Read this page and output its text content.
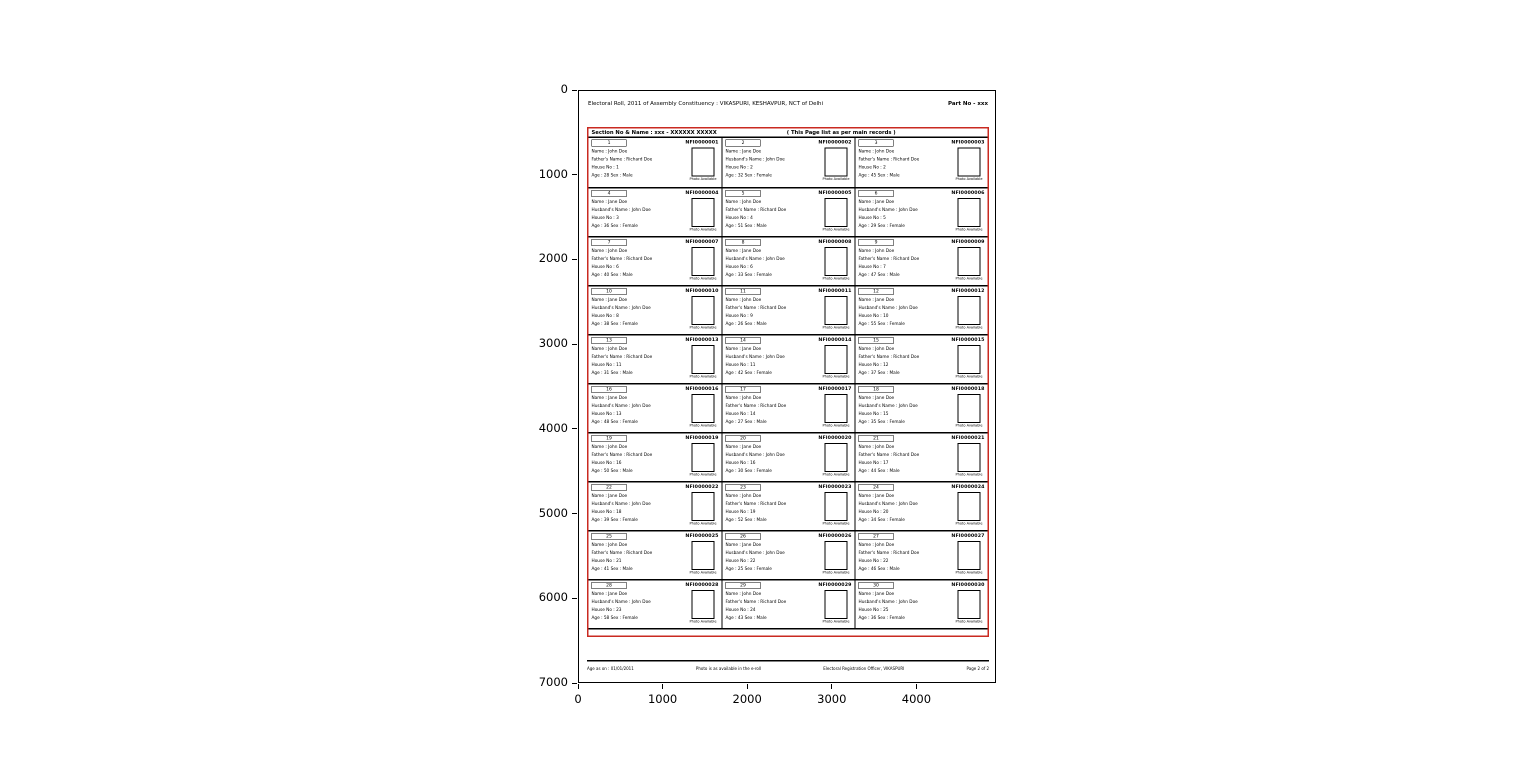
Electoral Roll, 2011 of Assembly Constituency : VIKASPURI, KESHAVPUR, NCT of Delhi	Part No - xxx
Section No & Name : xxx - XXXXXX XXXXX	( This Page list as per main records )
1	NFI0000001
Name : John Doe
Father's Name : Richard Doe
House No : 1
Age : 28 Sex : Male
Photo Available
2	NFI0000002
Name : Jane Doe
Husband's Name : John Doe
House No : 2
Age : 32 Sex : Female
Photo Available
3	NFI0000003
Name : John Doe
Father's Name : Richard Doe
House No : 2
Age : 45 Sex : Male
Photo Available
4	NFI0000004
Name : Jane Doe
Husband's Name : John Doe
House No : 3
Age : 36 Sex : Female
Photo Available
5	NFI0000005
Name : John Doe
Father's Name : Richard Doe
House No : 4
Age : 51 Sex : Male
Photo Available
6	NFI0000006
Name : Jane Doe
Husband's Name : John Doe
House No : 5
Age : 29 Sex : Female
Photo Available
7	NFI0000007
Name : John Doe
Father's Name : Richard Doe
House No : 6
Age : 40 Sex : Male
Photo Available
8	NFI0000008
Name : Jane Doe
Husband's Name : John Doe
House No : 6
Age : 33 Sex : Female
Photo Available
9	NFI0000009
Name : John Doe
Father's Name : Richard Doe
House No : 7
Age : 47 Sex : Male
Photo Available
10	NFI0000010
Name : Jane Doe
Husband's Name : John Doe
House No : 8
Age : 38 Sex : Female
Photo Available
11	NFI0000011
Name : John Doe
Father's Name : Richard Doe
House No : 9
Age : 26 Sex : Male
Photo Available
12	NFI0000012
Name : Jane Doe
Husband's Name : John Doe
House No : 10
Age : 55 Sex : Female
Photo Available
13	NFI0000013
Name : John Doe
Father's Name : Richard Doe
House No : 11
Age : 31 Sex : Male
Photo Available
14	NFI0000014
Name : Jane Doe
Husband's Name : John Doe
House No : 11
Age : 42 Sex : Female
Photo Available
15	NFI0000015
Name : John Doe
Father's Name : Richard Doe
House No : 12
Age : 37 Sex : Male
Photo Available
16	NFI0000016
Name : Jane Doe
Husband's Name : John Doe
House No : 13
Age : 48 Sex : Female
Photo Available
17	NFI0000017
Name : John Doe
Father's Name : Richard Doe
House No : 14
Age : 27 Sex : Male
Photo Available
18	NFI0000018
Name : Jane Doe
Husband's Name : John Doe
House No : 15
Age : 35 Sex : Female
Photo Available
19	NFI0000019
Name : John Doe
Father's Name : Richard Doe
House No : 16
Age : 50 Sex : Male
Photo Available
20	NFI0000020
Name : Jane Doe
Husband's Name : John Doe
House No : 16
Age : 30 Sex : Female
Photo Available
21	NFI0000021
Name : John Doe
Father's Name : Richard Doe
House No : 17
Age : 44 Sex : Male
Photo Available
22	NFI0000022
Name : Jane Doe
Husband's Name : John Doe
House No : 18
Age : 39 Sex : Female
Photo Available
23	NFI0000023
Name : John Doe
Father's Name : Richard Doe
House No : 19
Age : 52 Sex : Male
Photo Available
24	NFI0000024
Name : Jane Doe
Husband's Name : John Doe
House No : 20
Age : 34 Sex : Female
Photo Available
25	NFI0000025
Name : John Doe
Father's Name : Richard Doe
House No : 21
Age : 41 Sex : Male
Photo Available
26	NFI0000026
Name : Jane Doe
Husband's Name : John Doe
House No : 22
Age : 25 Sex : Female
Photo Available
27	NFI0000027
Name : John Doe
Father's Name : Richard Doe
House No : 22
Age : 46 Sex : Male
Photo Available
28	NFI0000028
Name : Jane Doe
Husband's Name : John Doe
House No : 23
Age : 58 Sex : Female
Photo Available
29	NFI0000029
Name : John Doe
Father's Name : Richard Doe
House No : 24
Age : 43 Sex : Male
Photo Available
30	NFI0000030
Name : Jane Doe
Husband's Name : John Doe
House No : 25
Age : 36 Sex : Female
Photo Available
Age as on : 01/01/2011	Photo is as available in the e-roll	Electoral Registration Officer, VIKASPURI	Page 2 of 2
0
1000
2000
3000
4000
5000
6000
7000
0	1000	2000	3000	4000
